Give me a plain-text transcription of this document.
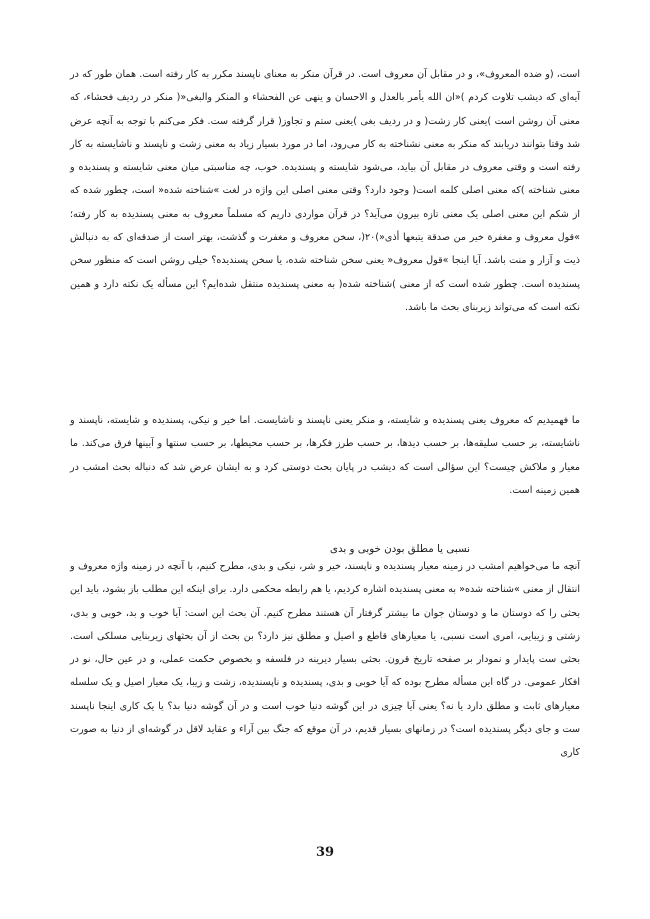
است، (و ضده المعروف»، و در مقابل آن معروف است. در قرآن منکر به معنای ناپسند مکرر به کار رفته است. همان طور که در آیه‌ای که دیشب تلاوت کردم )«ان الله یأمر بالعدل و الاحسان و ینهی عن الفحشاء و المنکر والبغی«( منکر در ردیف فحشاء، که معنی آن روشن است )یعنی کار زشت( و در ردیف بغی )یعنی ستم و تجاوز( قرار گرفته ست. فکر می‌کنم با توجه به آنچه عرض شد وقتا بتوانند دریابند که منکر به معنی نشناخته به کار می‌رود، اما در مورد بسیار زیاد به معنی زشت و ناپسند و ناشایسته به کار رفته است و وقتی معروف در مقابل آن بیاید، می‌شود شایسته و پسندیده. خوب، چه مناسبتی میان معنی شایسته و پسندیده و معنی شناخته )که معنی اصلی کلمه است( وجود دارد؟ وقتی معنی اصلی این واژه در لغت »شناخته شده« است، چطور شده که از شکم این معنی اصلی یک معنی تازه بیرون می‌آید؟ در قرآن مواردی داریم که مسلماً معروف به معنی پسندیده به کار رفته؛ »قول معروف و مغفرة خیر من صدقة یتبعها أذی«)۲۰(، سخن معروف و مغفرت و گذشت، بهتر است از صدقه‌ای که به دنبالش ذیت و آزار و منت باشد. آیا اینجا »قول معروف« یعنی سخن شناخته شده، یا سخن پسندیده؟ خیلی روشن است که منظور سخن پسندیده است. چطور شده است که از معنی )شناخته شده( به معنی پسندیده منتقل شده‌ایم؟ این مسأله یک نکته دارد و همین نکته است که می‌تواند زیربنای بحث ما باشد.

ما فهمیدیم که معروف یعنی پسندیده و شایسته، و منکر یعنی ناپسند و ناشایست. اما خیر و نیکی، پسندیده و شایسته، ناپسند و ناشایسته، بر حسب سلیقه‌ها، بر حسب دیدها، بر حسب طرز فکرها، بر حسب محیطها، بر حسب سنتها و آیینها فرق می‌کند. ما معیار و ملاکش چیست؟ این سؤالی است که دیشب در پایان بحث دوستی کرد و به ایشان عرض شد که دنباله بحث امشب در همین زمینه است.

نسبی یا مطلق بودن خوبی و بدی

آنچه ما می‌خواهیم امشب در زمینه معیار پسندیده و ناپسند، خیر و شر، نیکی و بدی، مطرح کنیم، با آنچه در زمینه واژه معروف و انتقال از معنی »شناخته شده« به معنی پسندیده اشاره کردیم، یا هم رابطه محکمی دارد. برای اینکه این مطلب باز بشود، باید این بحثی را که دوستان ما و دوستان جوان ما بیشتر گرفتار آن هستند مطرح کنیم. آن بحث این است: آیا خوب و بد، خوبی و بدی، زشتی و زیبایی، امری است نسبی، یا معیارهای قاطع و اصیل و مطلق نیز دارد؟ بن بحث از آن بحثهای زیربنایی مسلکی است. بحثی ست پایدار و نمودار بر صفحه تاریخ قرون. بحثی بسیار دیرینه در فلسفه و بخصوص حکمت عملی، و در عین حال، نو در افکار عمومی. در گاه این مسأله مطرح بوده که آیا خوبی و بدی، پسندیده و ناپسندیده، زشت و زیبا، یک معیار اصیل و یک سلسله معیارهای ثابت و مطلق دارد یا نه؟ یعنی آیا چیزی در این گوشه دنیا خوب است و در آن گوشه دنیا بد؟ یا یک کاری اینجا ناپسند ست و جای دیگر پسندیده است؟ در زمانهای بسیار قدیم، در آن موقع که جنگ بین آراء و عقاید لاقل در گوشه‌ای از دنیا به صورت کاری

39
